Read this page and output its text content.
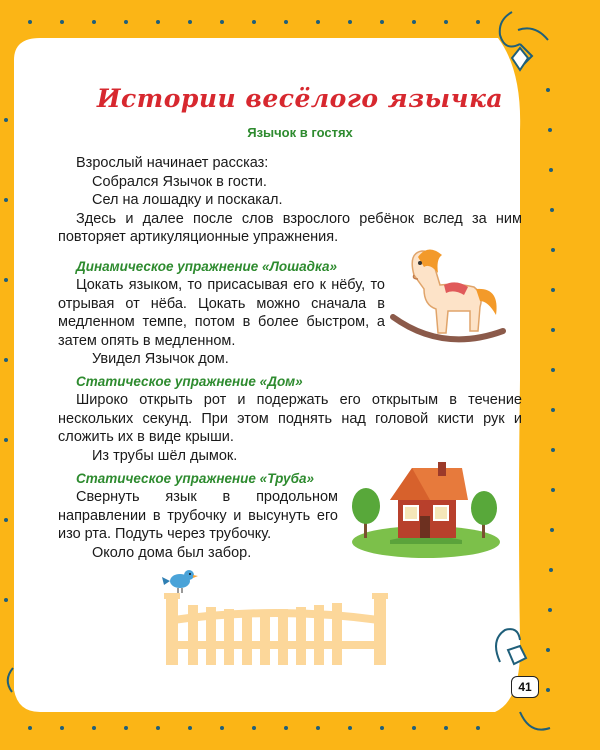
Истории весёлого язычка
Язычок в гостях

Взрослый начинает рассказ:

Собрался Язычок в гости.

Сел на лошадку и поскакал.

Здесь и далее после слов взрослого ребёнок вслед за ним повторяет артикуляционные упражнения.

Динамическое упражнение «Лошадка»

Цокать языком, то присасывая его к нёбу, то отрывая от нёба. Цокать можно сначала в медленном темпе, потом в более быстром, а затем опять в медленном.

Увидел Язычок дом.

Статическое упражнение «Дом»

Широко открыть рот и подержать его открытым в течение нескольких секунд. При этом поднять над головой кисти рук и сложить их в виде крыши.

Из трубы шёл дымок.

Статическое упражнение «Труба»

Свернуть язык в продольном направлении в трубочку и высунуть его изо рта. Подуть через трубочку.

Около дома был забор.

41
